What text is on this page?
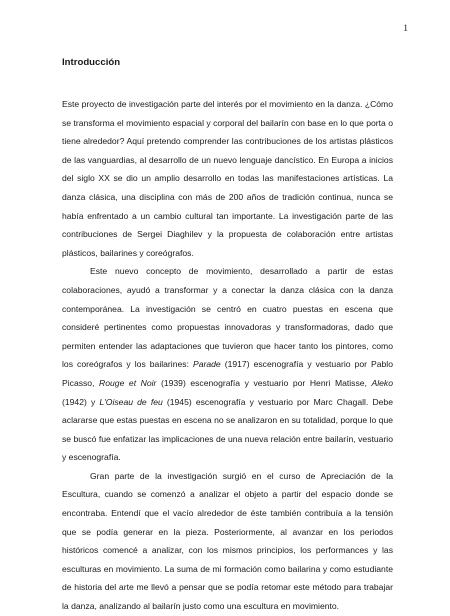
1
Introducción

Este proyecto de investigación parte del interés por el movimiento en la danza. ¿Cómo se transforma el movimiento espacial y corporal del bailarín con base en lo que porta o tiene alrededor? Aquí pretendo comprender las contribuciones de los artistas plásticos de las vanguardias, al desarrollo de un nuevo lenguaje dancístico. En Europa a inicios del siglo XX se dio un amplio desarrollo en todas las manifestaciones artísticas. La danza clásica, una disciplina con más de 200 años de tradición continua, nunca se había enfrentado a un cambio cultural tan importante. La investigación parte de las contribuciones de Sergei Diaghilev y la propuesta de colaboración entre artistas plásticos, bailarines y coreógrafos.

Este nuevo concepto de movimiento, desarrollado a partir de estas colaboraciones, ayudó a transformar y a conectar la danza clásica con la danza contemporánea. La investigación se centró en cuatro puestas en escena que consideré pertinentes como propuestas innovadoras y transformadoras, dado que permiten entender las adaptaciones que tuvieron que hacer tanto los pintores, como los coreógrafos y los bailarines: Parade (1917) escenografía y vestuario por Pablo Picasso, Rouge et Noir (1939) escenografía y vestuario por Henri Matisse, Aleko (1942) y L'Oiseau de feu (1945) escenografía y vestuario por Marc Chagall. Debe aclararse que estas puestas en escena no se analizaron en su totalidad, porque lo que se buscó fue enfatizar las implicaciones de una nueva relación entre bailarín, vestuario y escenografía.

Gran parte de la investigación surgió en el curso de Apreciación de la Escultura, cuando se comenzó a analizar el objeto a partir del espacio donde se encontraba. Entendí que el vacío alrededor de éste también contribuía a la tensión que se podía generar en la pieza. Posteriormente, al avanzar en los periodos históricos comencé a analizar, con los mismos principios, los performances y las esculturas en movimiento. La suma de mi formación como bailarina y como estudiante de historia del arte me llevó a pensar que se podía retomar este método para trabajar la danza, analizando al bailarín justo como una escultura en movimiento.
